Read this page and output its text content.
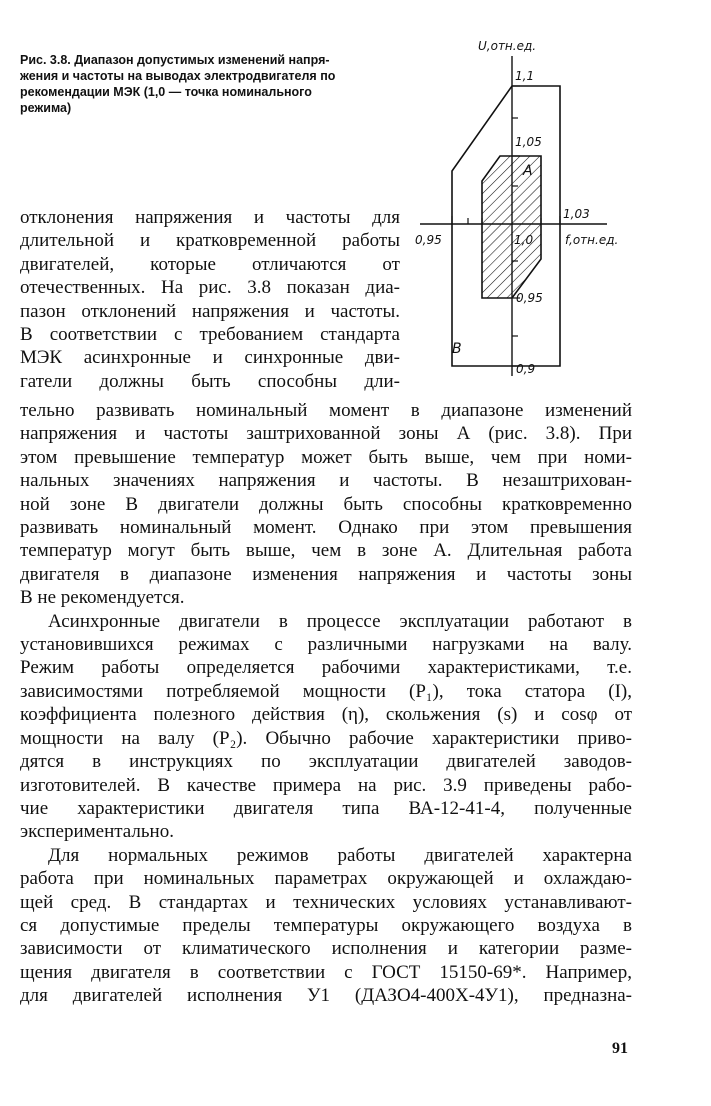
Рис. 3.8. Диапазон допустимых изменений напря-

жения и частоты на выводах электродвигателя по

рекомендации МЭК (1,0 — точка номинального

режима)

U,отн.ед.
1,1
1,05
1,03
1,0
0,95	f,отн.ед.
0,95
0,9
A
B

отклонения напряжения и частоты для

длительной и кратковременной работы

двигателей, которые отличаются от

отечественных. На рис. 3.8 показан диа-

пазон отклонений напряжения и частоты.

В соответствии с требованием стандарта

МЭК асинхронные и синхронные дви-

гатели должны быть способны дли-

тельно развивать номинальный момент в диапазоне изменений

напряжения и частоты заштрихованной зоны А (рис. 3.8). При

этом превышение температур может быть выше, чем при номи-

нальных значениях напряжения и частоты. В незаштрихован-

ной зоне В двигатели должны быть способны кратковременно

развивать номинальный момент. Однако при этом превышения

температур могут быть выше, чем в зоне А. Длительная работа

двигателя в диапазоне изменения напряжения и частоты зоны

В не рекомендуется.

Асинхронные двигатели в процессе эксплуатации работают в

установившихся режимах с различными нагрузками на валу.

Режим работы определяется рабочими характеристиками, т.е.

зависимостями потребляемой мощности (P₁), тока статора (I),

коэффициента полезного действия (η), скольжения (s) и cosφ от

мощности на валу (P₂). Обычно рабочие характеристики приво-

дятся в инструкциях по эксплуатации двигателей заводов-

изготовителей. В качестве примера на рис. 3.9 приведены рабо-

чие характеристики двигателя типа ВА-12-41-4, полученные

экспериментально.

Для нормальных режимов работы двигателей характерна

работа при номинальных параметрах окружающей и охлаждаю-

щей сред. В стандартах и технических условиях устанавливают-

ся допустимые пределы температуры окружающего воздуха в

зависимости от климатического исполнения и категории разме-

щения двигателя в соответствии с ГОСТ 15150-69*. Например,

для двигателей исполнения У1 (ДАЗО4-400Х-4У1), предназна-

91
